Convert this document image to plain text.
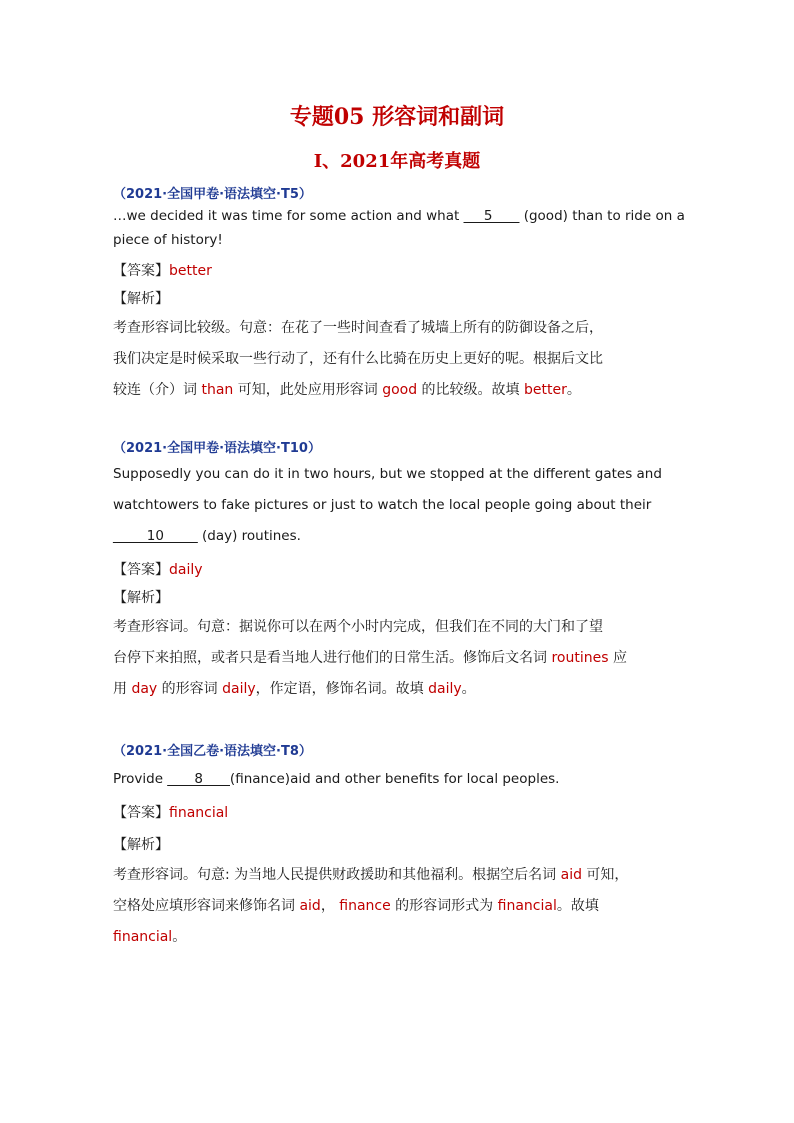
专题05 形容词和副词
I、2021年高考真题
（2021·全国甲卷·语法填空·T5）
…we decided it was time for some action and what ___5____ (good) than to ride on a
piece of history!
【答案】better
【解析】
考查形容词比较级。句意：在花了一些时间查看了城墙上所有的防御设备之后，
我们决定是时候采取一些行动了，还有什么比骑在历史上更好的呢。根据后文比
较连（介）词 than 可知，此处应用形容词 good 的比较级。故填 better。
（2021·全国甲卷·语法填空·T10）
Supposedly you can do it in two hours, but we stopped at the different gates and
watchtowers to fake pictures or just to watch the local people going about their
_____10_____ (day) routines.
【答案】daily
【解析】
考查形容词。句意：据说你可以在两个小时内完成，但我们在不同的大门和了望
台停下来拍照，或者只是看当地人进行他们的日常生活。修饰后文名词 routines 应
用 day 的形容词 daily，作定语，修饰名词。故填 daily。
（2021·全国乙卷·语法填空·T8）
Provide ____8____(finance)aid and other benefits for local peoples.
【答案】financial
【解析】
考查形容词。句意: 为当地人民提供财政援助和其他福利。根据空后名词 aid 可知，
空格处应填形容词来修饰名词 aid， finance 的形容词形式为 financial。故填
financial。
